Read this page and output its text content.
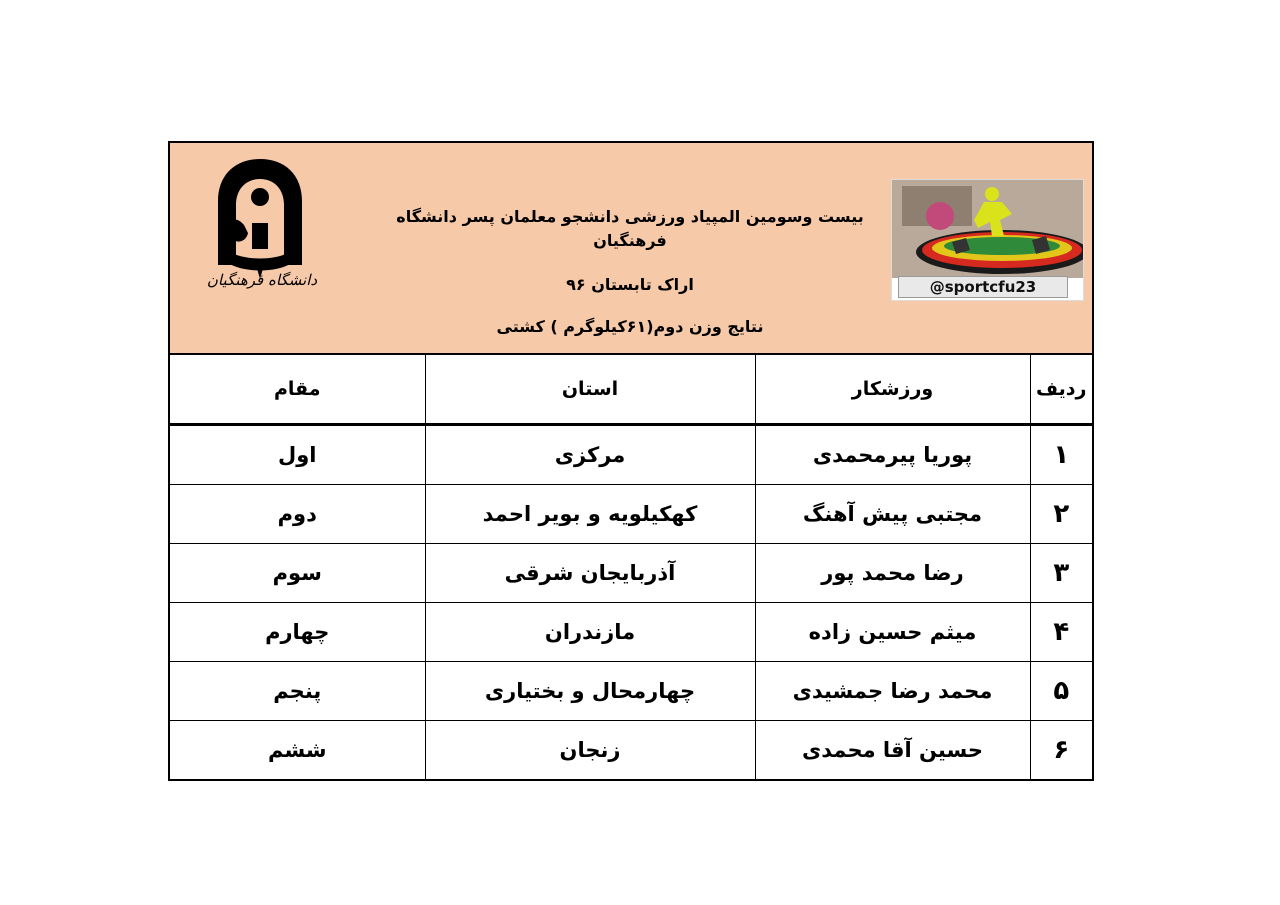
دانشگاه فرهنگیان
بیست وسومین المپیاد ورزشی دانشجو معلمان پسر دانشگاه فرهنگیان
اراک تابستان ۹۶
نتایج وزن دوم(۶۱کیلوگرم ) کشتی
@sportcfu23
ردیف	ورزشکار	استان	مقام
۱	پوریا پیرمحمدی	مرکزی	اول
۲	مجتبی پیش آهنگ	کهکیلویه و بویر احمد	دوم
۳	رضا محمد پور	آذربایجان شرقی	سوم
۴	میثم حسین زاده	مازندران	چهارم
۵	محمد رضا جمشیدی	چهارمحال و بختیاری	پنجم
۶	حسین آقا محمدی	زنجان	ششم
